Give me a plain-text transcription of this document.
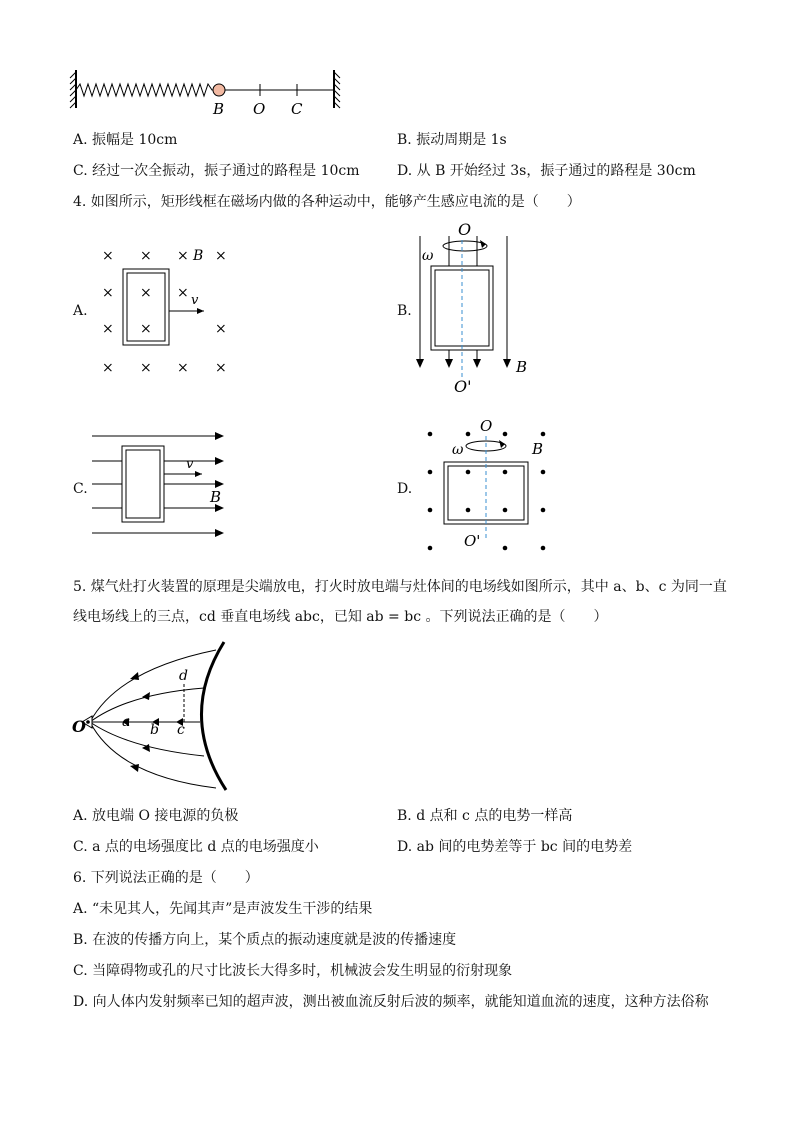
B O C
A. 振幅是 10cm	B. 振动周期是 1s
C. 经过一次全振动，振子通过的路程是 10cm	D. 从 B 开始经过 3s，振子通过的路程是 30cm
4. 如图所示，矩形线框在磁场内做的各种运动中，能够产生感应电流的是（　　）
A.
× × × ×
× × ×
× ×	×
× × × ×
B
v
B.
O
ω
O'
B
C.
v
B	D.
O
ω	B
O'
5. 煤气灶打火装置的原理是尖端放电，打火时放电端与灶体间的电场线如图所示，其中 a、b、c 为同一直
线电场线上的三点，cd 垂直电场线 abc，已知 ab = bc 。下列说法正确的是（　　）
O	a b c
d
A. 放电端 O 接电源的负极	B. d 点和 c 点的电势一样高
C. a 点的电场强度比 d 点的电场强度小	D. ab 间的电势差等于 bc 间的电势差
6. 下列说法正确的是（　　）
A. “未见其人，先闻其声”是声波发生干涉的结果
B. 在波的传播方向上，某个质点的振动速度就是波的传播速度
C. 当障碍物或孔的尺寸比波长大得多时，机械波会发生明显的衍射现象
D. 向人体内发射频率已知的超声波，测出被血流反射后波的频率，就能知道血流的速度，这种方法俗称
